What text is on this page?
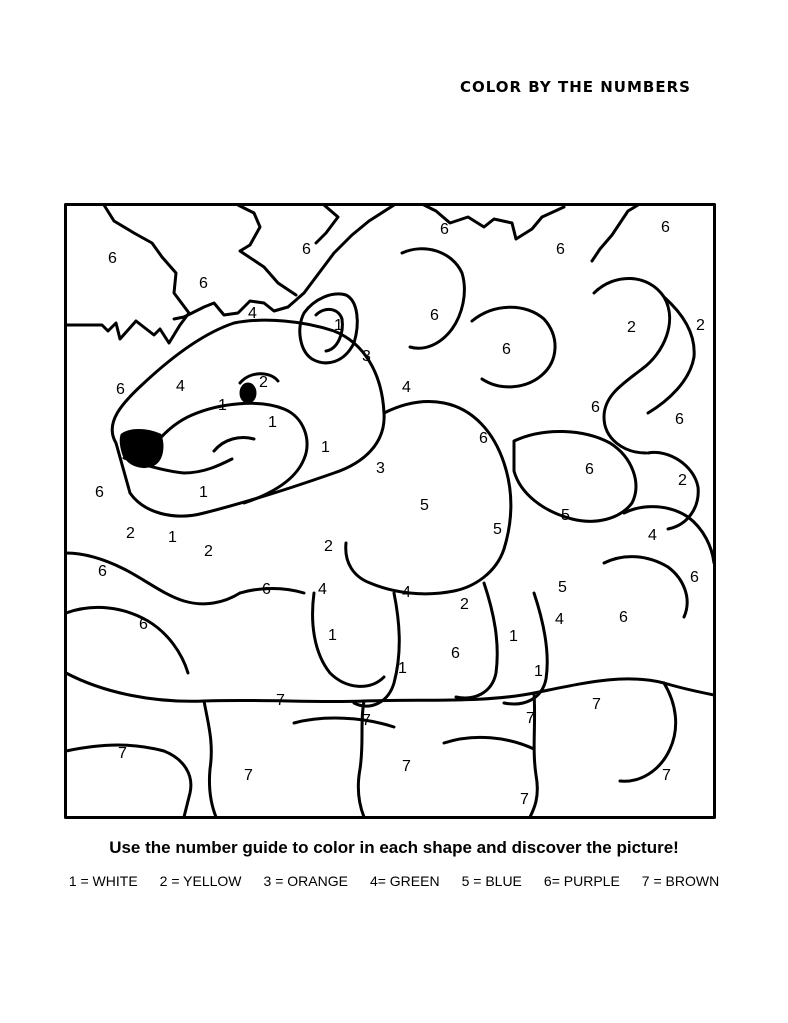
COLOR BY THE NUMBERS
6
6
6
6
6
6
4
1
6
2	2
6
3
6	4	2
1
1
4
6
6
6
1
3	6
2
6	1
5
5
5
2 1	4
2	2
6	6
6	4	4	5
2
4	6
6
1	1
6
1	1
7	7
7	7
7
7
7	7
7
Use the number guide to color in each shape and discover the picture!
1 = WHITE 2 = YELLOW 3 = ORANGE 4= GREEN 5 = BLUE 6= PURPLE 7 = BROWN
